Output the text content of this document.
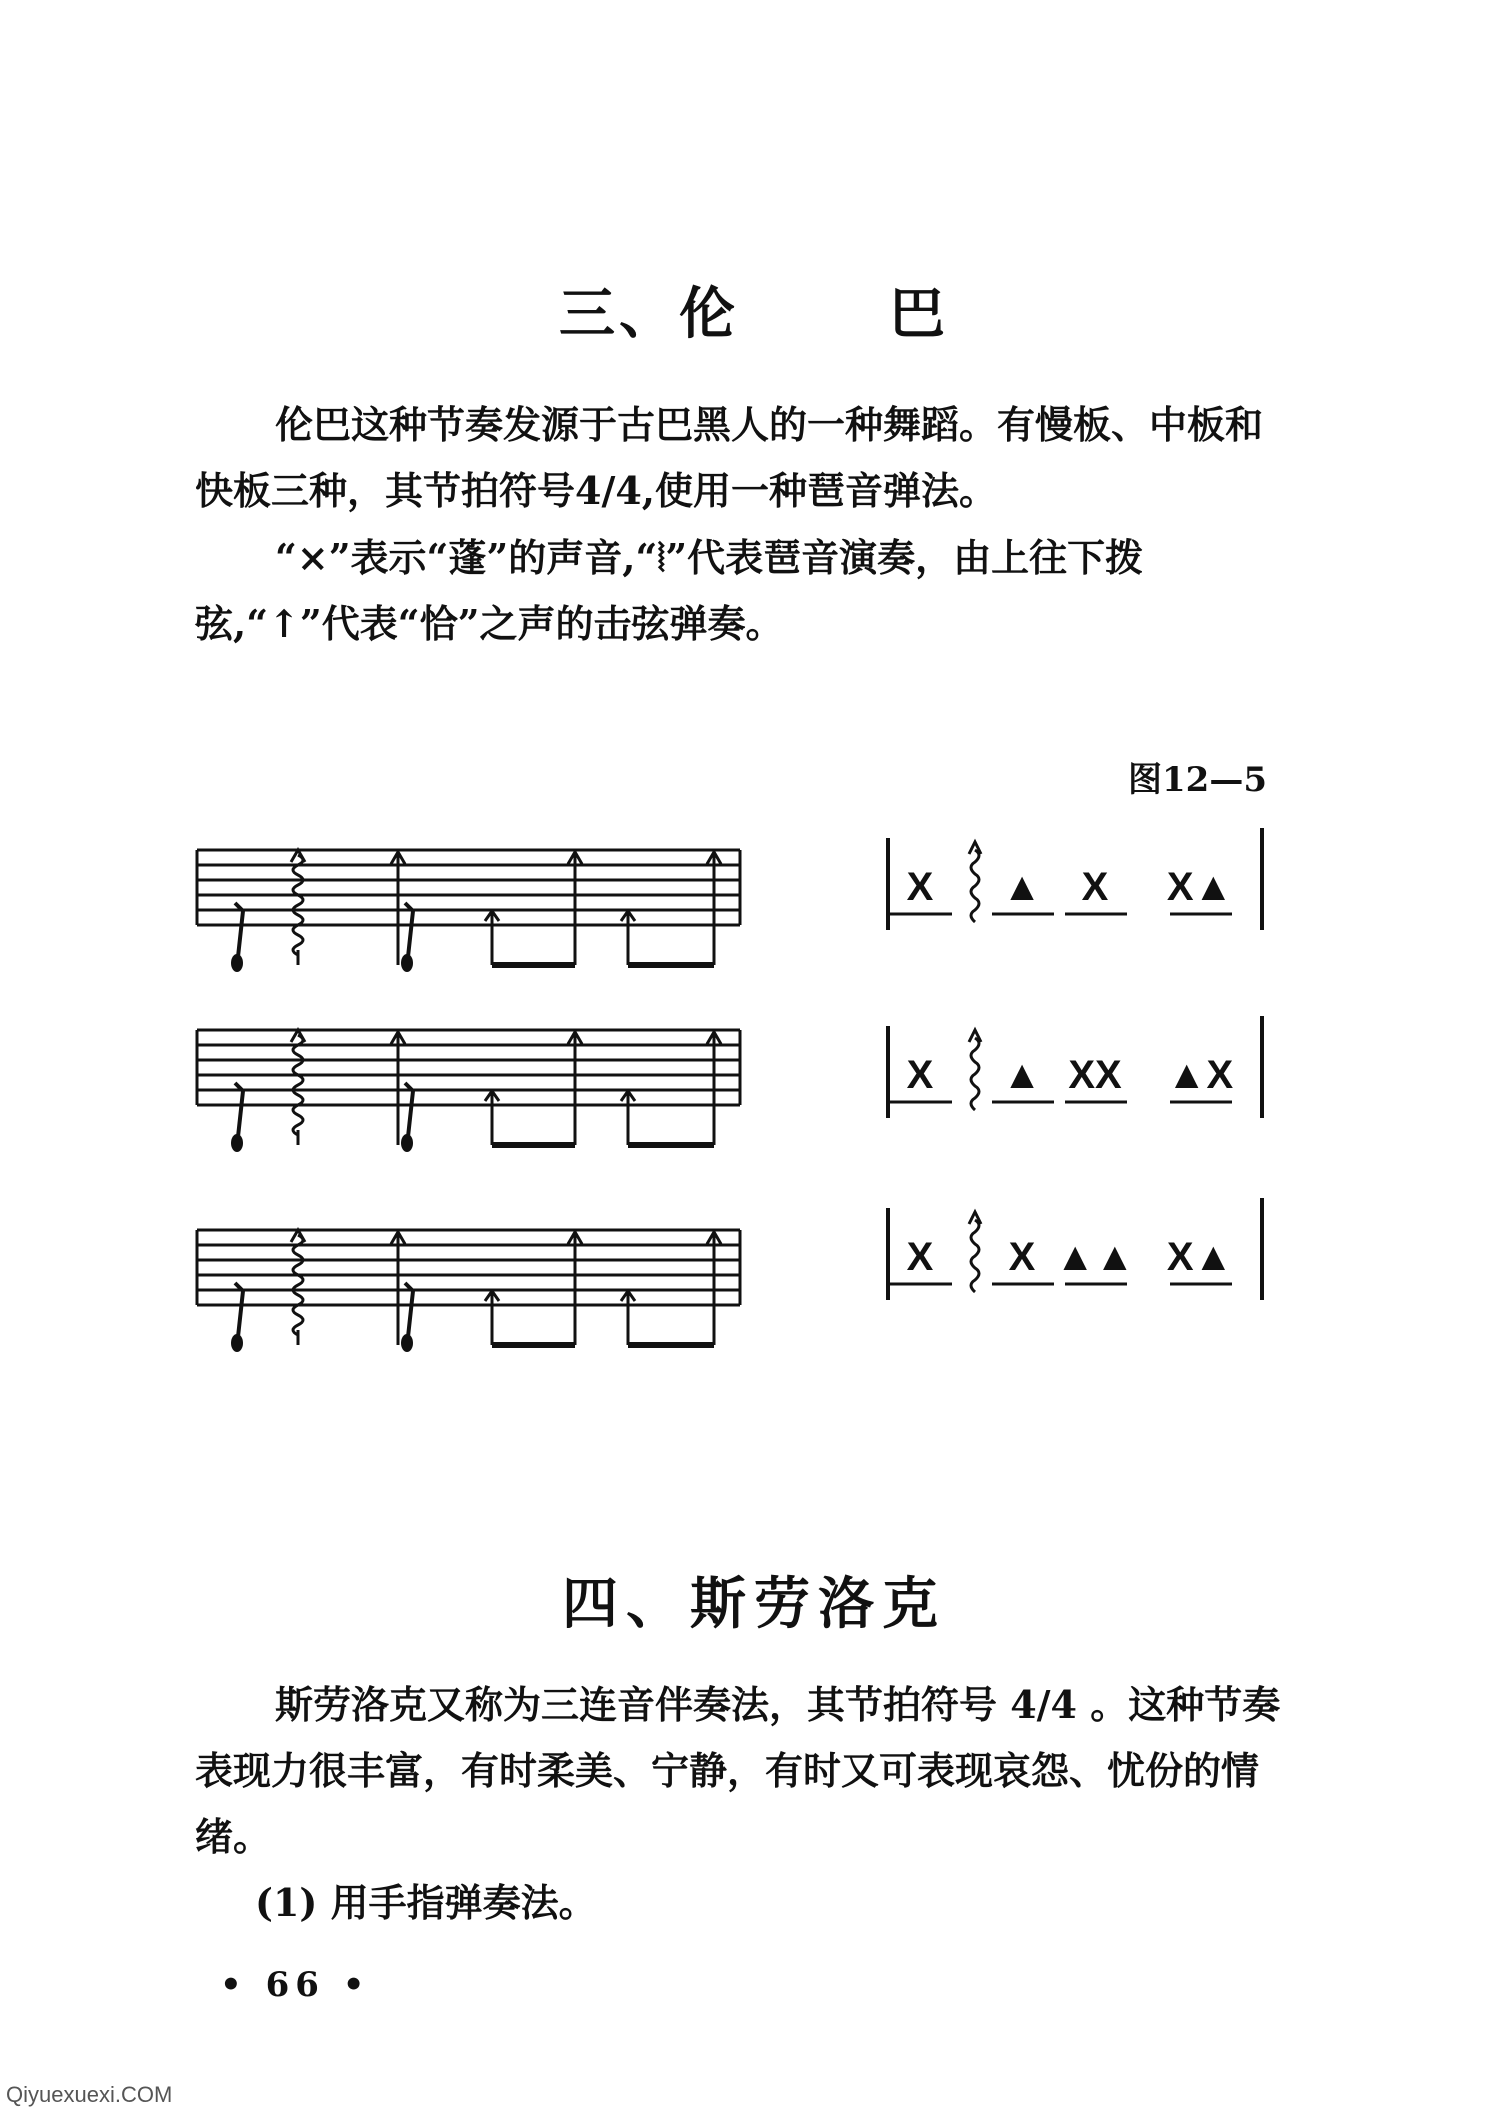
三、伦	巴
伦巴这种节奏发源于古巴黑人的一种舞蹈。有慢板、中板和快板三种，其节拍符号4/4,使用一种琶音弹法。
“×”表示“蓬”的声音,“⦚”代表琶音演奏，由上往下拨弦,“↑”代表“恰”之声的击弦弹奏。
图12—5
X ▲ X X▲
X ▲ XX ▲X
X X ▲▲ X▲
四、斯劳洛克
斯劳洛克又称为三连音伴奏法，其节拍符号 4/4 。这种节奏表现力很丰富，有时柔美、宁静，有时又可表现哀怨、忧份的情绪。
(1) 用手指弹奏法。
• 66 •
Qiyuexuexi.COM
